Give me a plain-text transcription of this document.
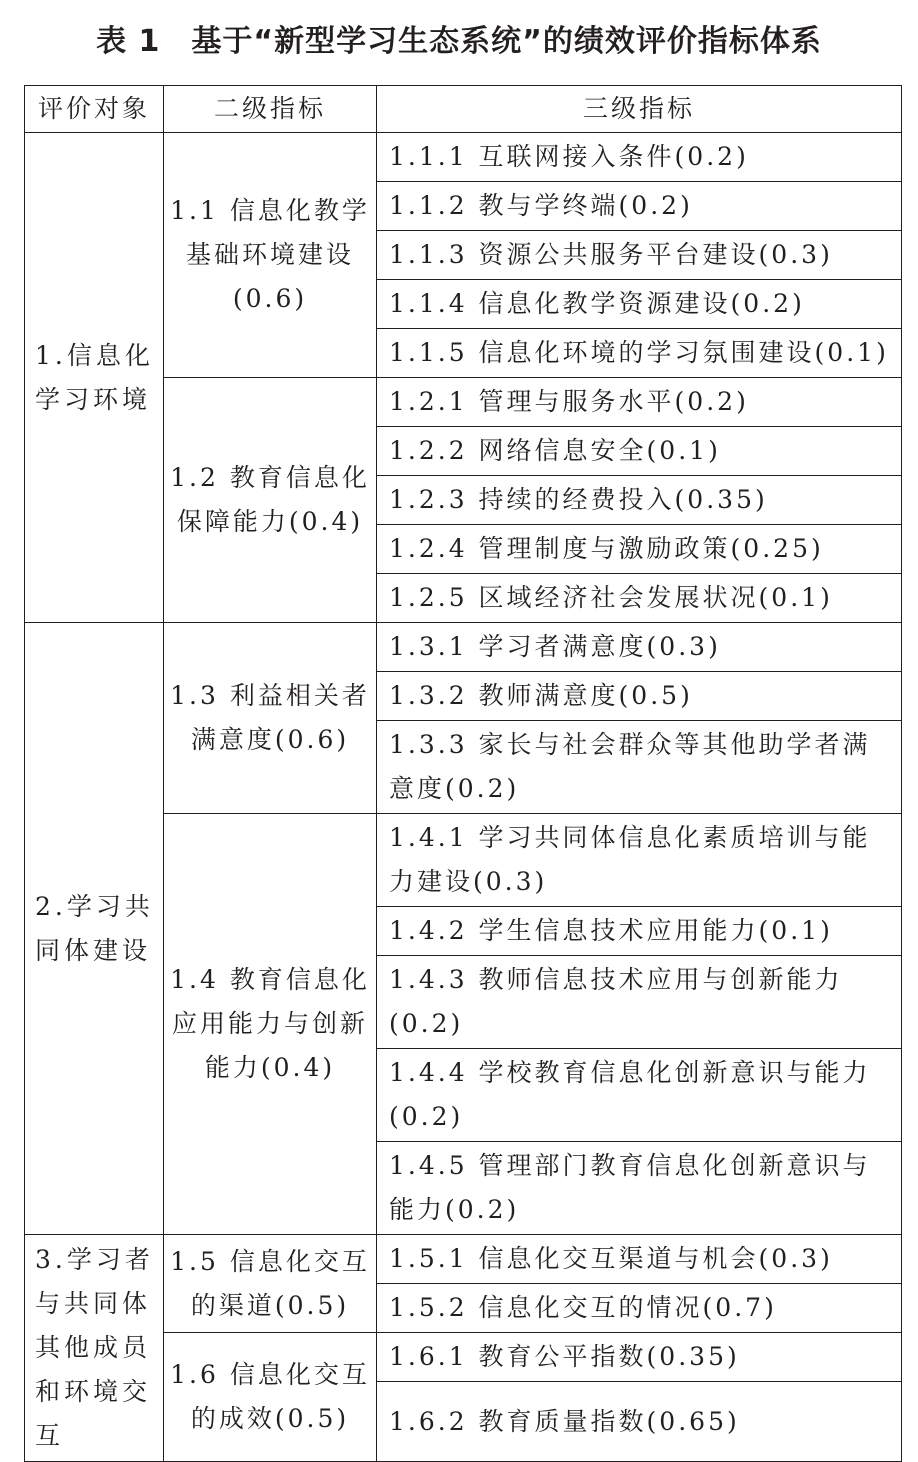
表 1　基于“新型学习生态系统”的绩效评价指标体系
评价对象	二级指标	三级指标
1.信息化学习环境	1.1 信息化教学基础环境建设(0.6)	1.1.1 互联网接入条件(0.2)
		1.1.2 教与学终端(0.2)
		1.1.3 资源公共服务平台建设(0.3)
		1.1.4 信息化教学资源建设(0.2)
		1.1.5 信息化环境的学习氛围建设(0.1)
	1.2 教育信息化保障能力(0.4)	1.2.1 管理与服务水平(0.2)
		1.2.2 网络信息安全(0.1)
		1.2.3 持续的经费投入(0.35)
		1.2.4 管理制度与激励政策(0.25)
		1.2.5 区域经济社会发展状况(0.1)
2.学习共同体建设	1.3 利益相关者满意度(0.6)	1.3.1 学习者满意度(0.3)
		1.3.2 教师满意度(0.5)
		1.3.3 家长与社会群众等其他助学者满意度(0.2)
	1.4 教育信息化应用能力与创新能力(0.4)	1.4.1 学习共同体信息化素质培训与能力建设(0.3)
		1.4.2 学生信息技术应用能力(0.1)
		1.4.3 教师信息技术应用与创新能力(0.2)
		1.4.4 学校教育信息化创新意识与能力(0.2)
		1.4.5 管理部门教育信息化创新意识与能力(0.2)
3.学习者与共同体其他成员和环境交互	1.5 信息化交互的渠道(0.5)	1.5.1 信息化交互渠道与机会(0.3)
		1.5.2 信息化交互的情况(0.7)
	1.6 信息化交互的成效(0.5)	1.6.1 教育公平指数(0.35)
		1.6.2 教育质量指数(0.65)
